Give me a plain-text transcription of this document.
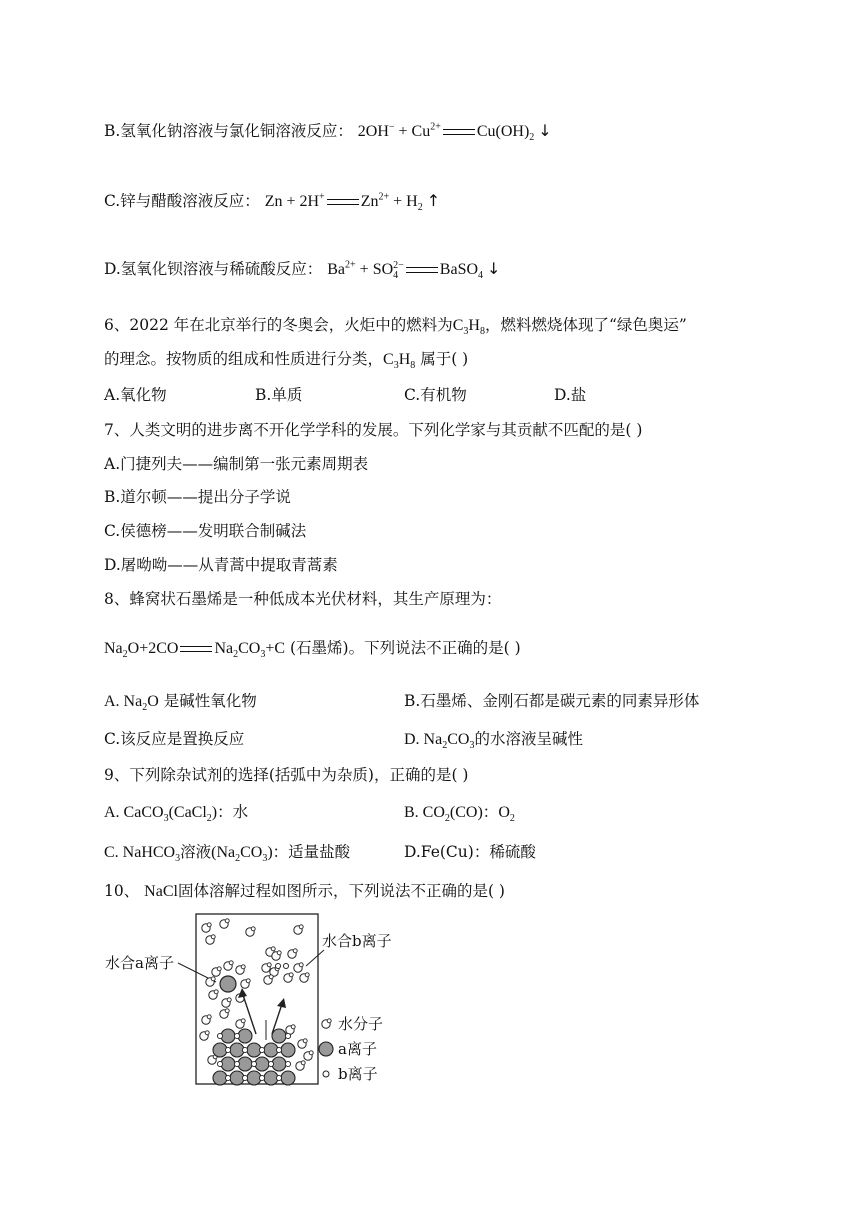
B.氢氧化钠溶液与氯化铜溶液反应： $2OH^- + Cu^{2+}$ $Cu(OH)_2$ ↓
C.锌与醋酸溶液反应： Zn + 2H+ $Zn^{2+} + H_2$ ↑
D.氢氧化钡溶液与稀硫酸反应： $Ba^{2+} + SO_4^{2-}$ BaSO$_4$ ↓
6、2022 年在北京举行的冬奥会，火炬中的燃料为$C_3H_8$，燃料燃烧体现了“绿色奥运”
的理念。按物质的组成和性质进行分类，$C_3H_8$ 属于( )
A.氧化物	B.单质	C.有机物	D.盐
7、人类文明的进步离不开化学学科的发展。下列化学家与其贡献不匹配的是( )
A.门捷列夫——编制第一张元素周期表
B.道尔顿——提出分子学说
C.侯德榜——发明联合制碱法
D.屠呦呦——从青蒿中提取青蒿素
8、蜂窝状石墨烯是一种低成本光伏材料，其生产原理为：
$Na_2O+2CO$ $Na_2CO_3+C$ (石墨烯)。下列说法不正确的是( )
A. $Na_2O$ 是碱性氧化物	B.石墨烯、金刚石都是碳元素的同素异形体
C.该反应是置换反应	D. $Na_2CO_3$的水溶液呈碱性
9、下列除杂试剂的选择(括弧中为杂质)，正确的是( )
A. CaCO$_3$(CaCl$_2$)：水	B. $CO_2(CO)$：$O_2$
C. NaHCO$_3$溶液$(Na_2CO_3)$：适量盐酸	D.Fe(Cu)：稀硫酸
10、 NaCl固体溶解过程如图所示，下列说法不正确的是( )
水合a离子
水合b离子
水分子
a离子
b离子
